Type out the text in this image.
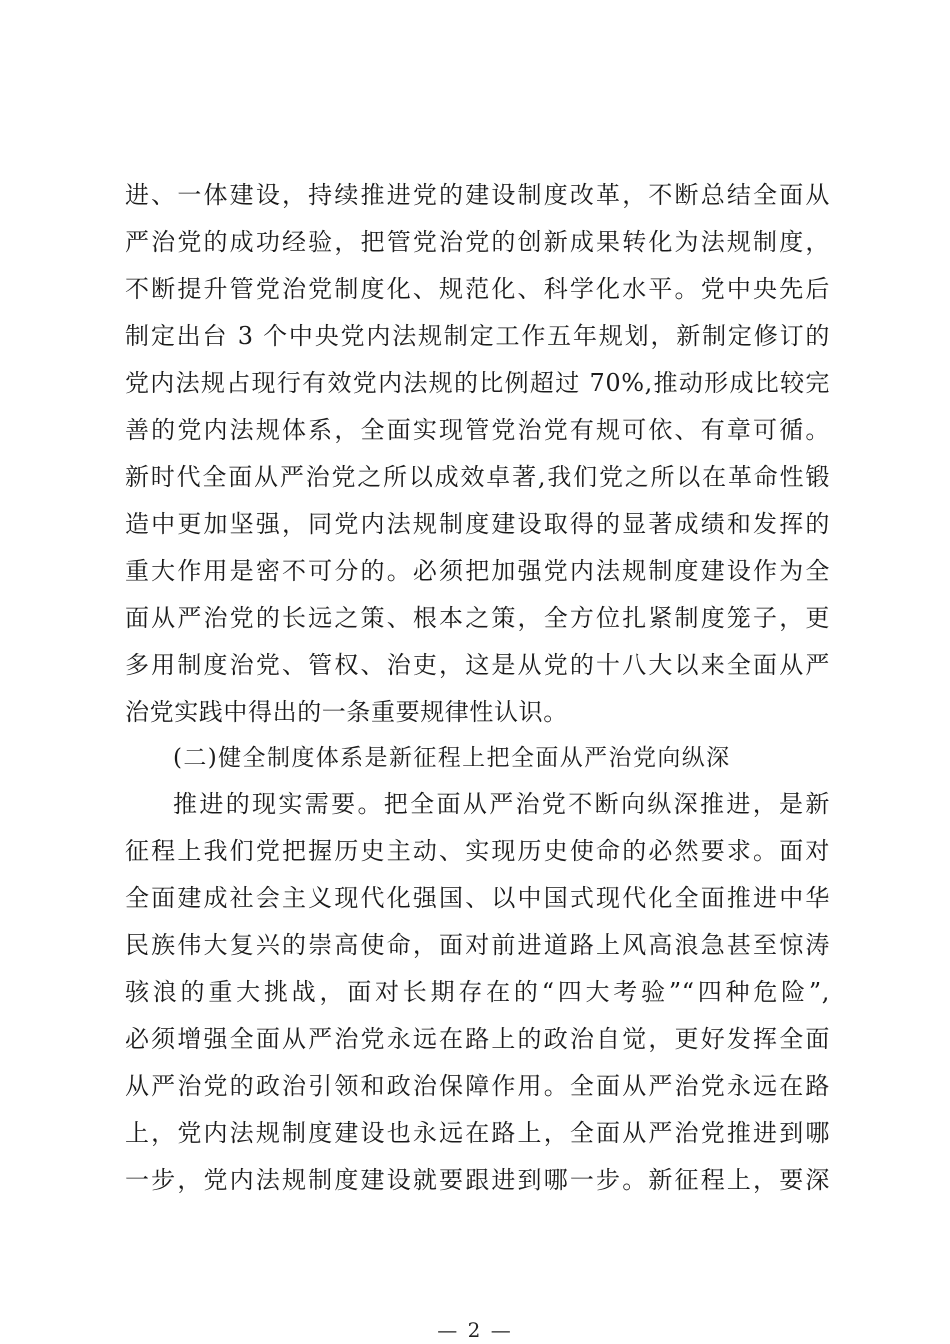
进、一体建设，持续推进党的建设制度改革，不断总结全面从
严治党的成功经验，把管党治党的创新成果转化为法规制度，
不断提升管党治党制度化、规范化、科学化水平。党中央先后
制定出台 3 个中央党内法规制定工作五年规划，新制定修订的
党内法规占现行有效党内法规的比例超过 70%,推动形成比较完
善的党内法规体系，全面实现管党治党有规可依、有章可循。
新时代全面从严治党之所以成效卓著,我们党之所以在革命性锻
造中更加坚强，同党内法规制度建设取得的显著成绩和发挥的
重大作用是密不可分的。必须把加强党内法规制度建设作为全
面从严治党的长远之策、根本之策，全方位扎紧制度笼子，更
多用制度治党、管权、治吏，这是从党的十八大以来全面从严
治党实践中得出的一条重要规律性认识。
(二)健全制度体系是新征程上把全面从严治党向纵深
推进的现实需要。把全面从严治党不断向纵深推进，是新
征程上我们党把握历史主动、实现历史使命的必然要求。面对
全面建成社会主义现代化强国、以中国式现代化全面推进中华
民族伟大复兴的崇高使命，面对前进道路上风高浪急甚至惊涛
骇浪的重大挑战，面对长期存在的“四大考验”“四种危险”,
必须增强全面从严治党永远在路上的政治自觉，更好发挥全面
从严治党的政治引领和政治保障作用。全面从严治党永远在路
上，党内法规制度建设也永远在路上，全面从严治党推进到哪
一步，党内法规制度建设就要跟进到哪一步。新征程上，要深
— 2 —
